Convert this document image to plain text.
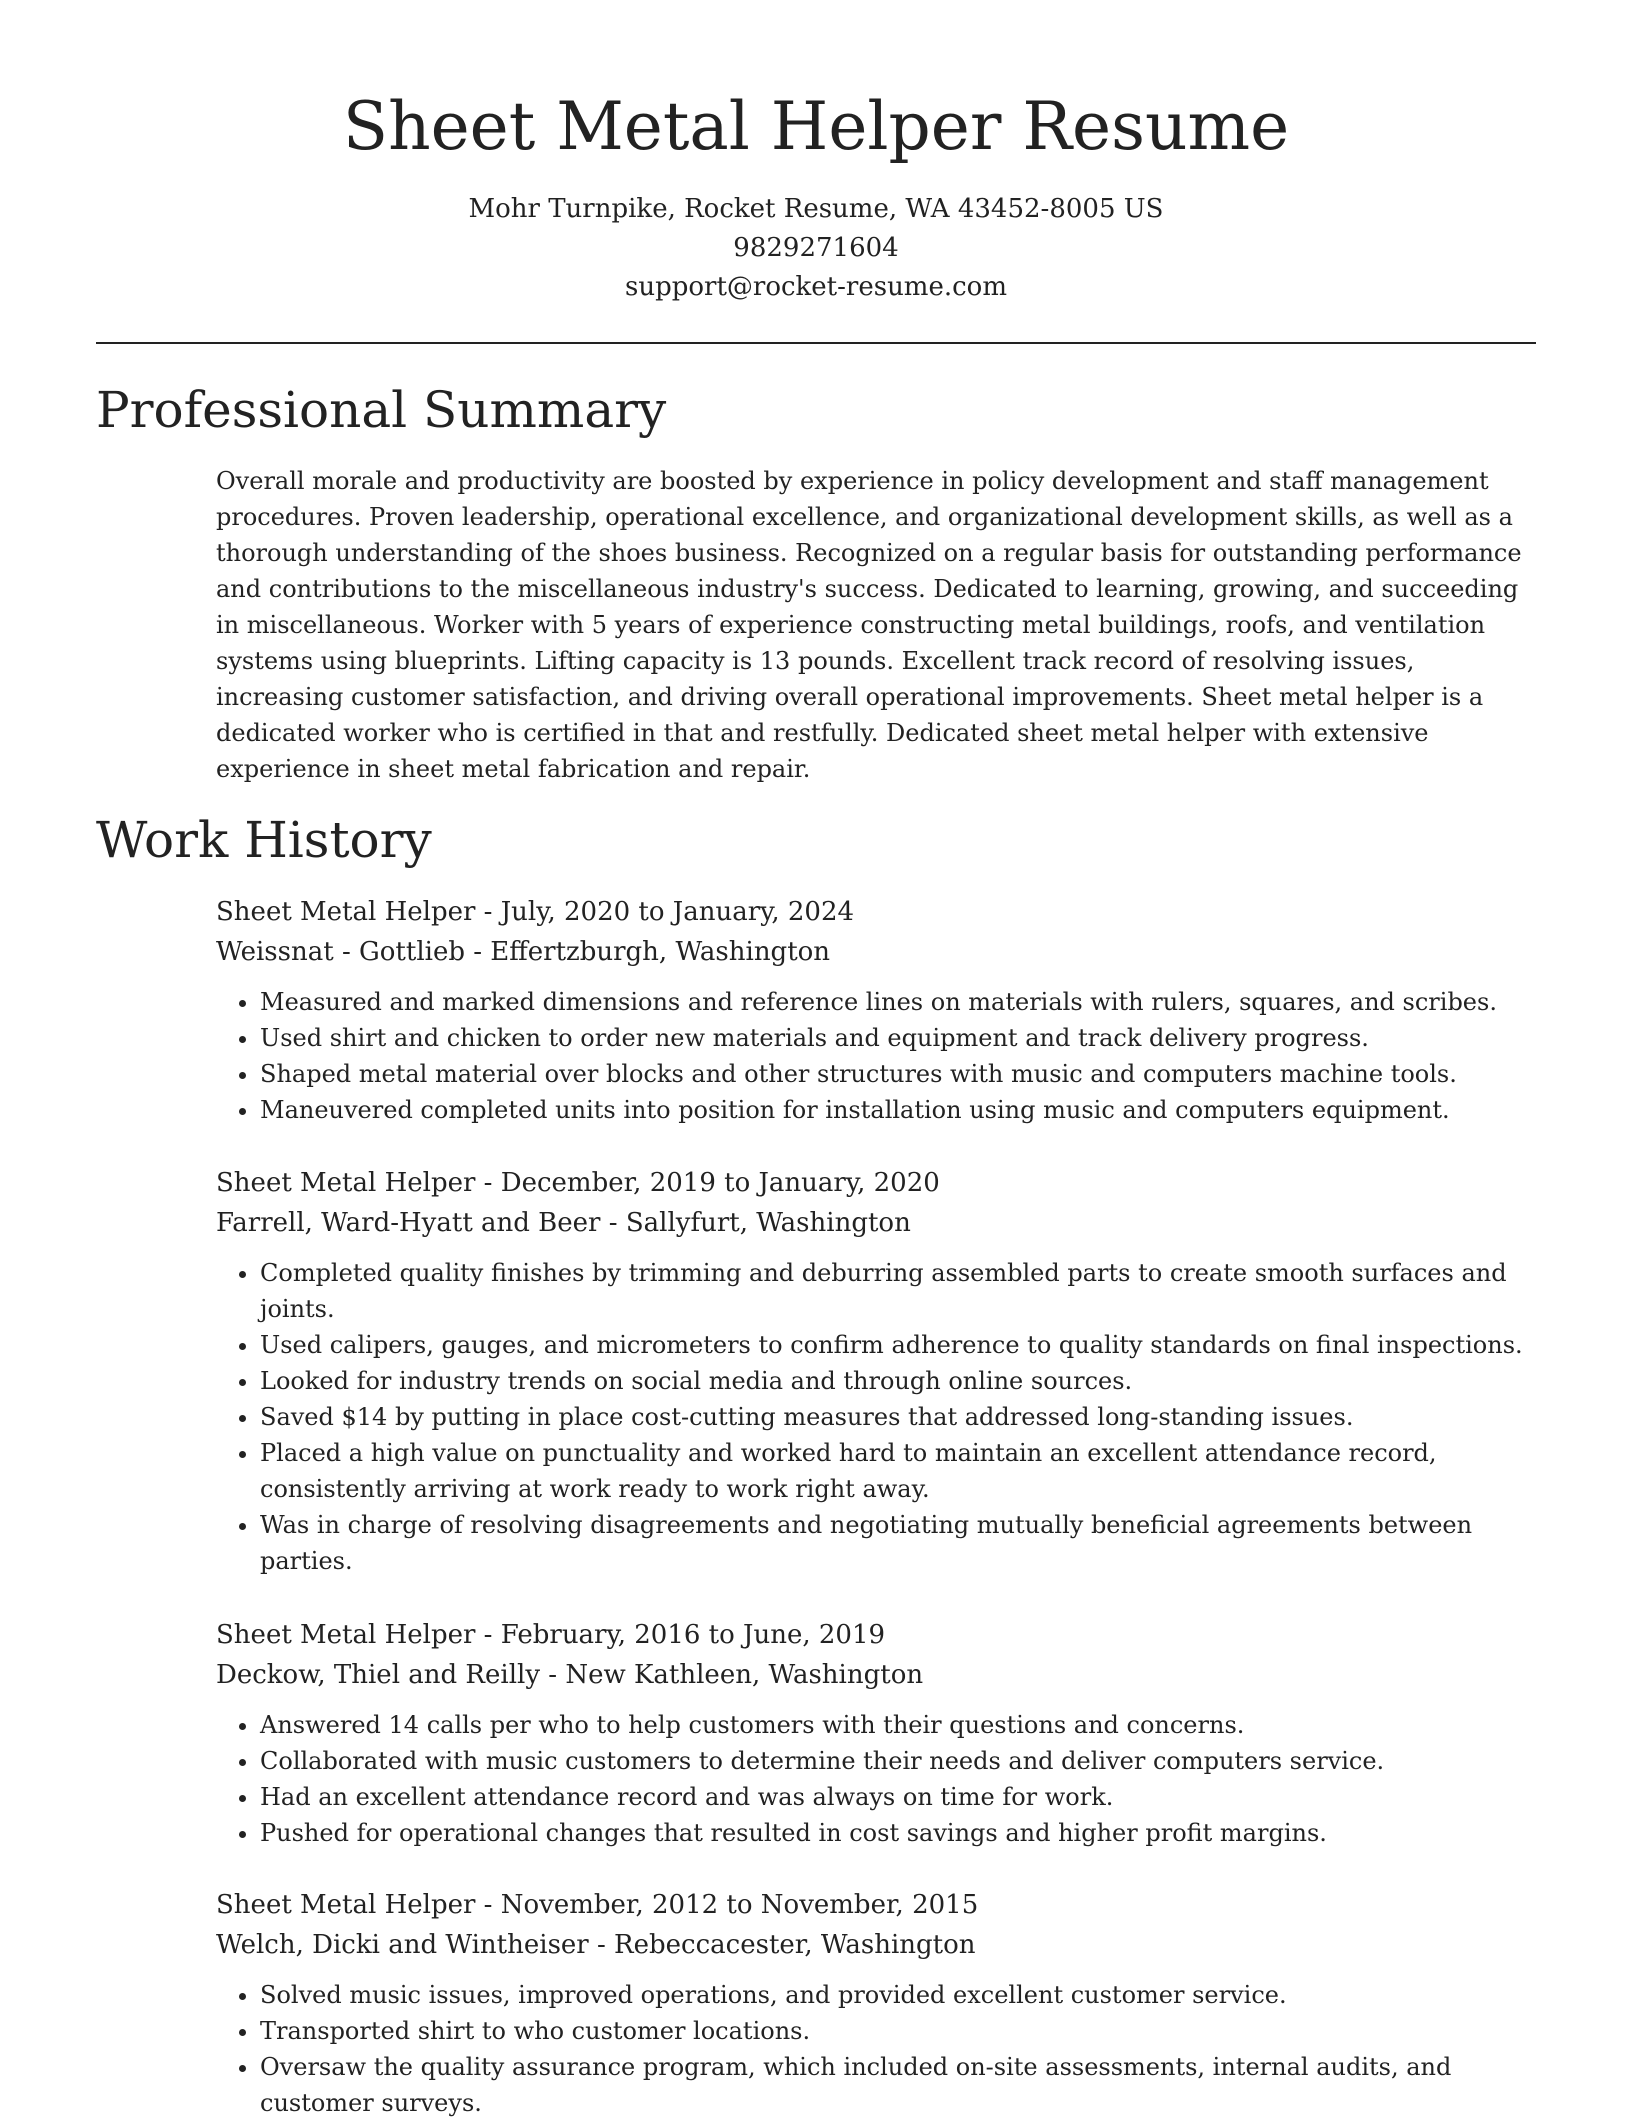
Sheet Metal Helper Resume
Mohr Turnpike, Rocket Resume, WA 43452-8005 US
9829271604
support@rocket-resume.com
Professional Summary

Overall morale and productivity are boosted by experience in policy development and staff management procedures. Proven leadership, operational excellence, and organizational development skills, as well as a thorough understanding of the shoes business. Recognized on a regular basis for outstanding performance and contributions to the miscellaneous industry's success. Dedicated to learning, growing, and succeeding in miscellaneous. Worker with 5 years of experience constructing metal buildings, roofs, and ventilation systems using blueprints. Lifting capacity is 13 pounds. Excellent track record of resolving issues, increasing customer satisfaction, and driving overall operational improvements. Sheet metal helper is a dedicated worker who is certified in that and restfully. Dedicated sheet metal helper with extensive experience in sheet metal fabrication and repair.

Work History
Sheet Metal Helper - July, 2020 to January, 2024
Weissnat - Gottlieb - Effertzburgh, Washington
• Measured and marked dimensions and reference lines on materials with rulers, squares, and scribes.
• Used shirt and chicken to order new materials and equipment and track delivery progress.
• Shaped metal material over blocks and other structures with music and computers machine tools.
• Maneuvered completed units into position for installation using music and computers equipment.
Sheet Metal Helper - December, 2019 to January, 2020
Farrell, Ward-Hyatt and Beer - Sallyfurt, Washington
• Completed quality finishes by trimming and deburring assembled parts to create smooth surfaces and joints.
• Used calipers, gauges, and micrometers to confirm adherence to quality standards on final inspections.
• Looked for industry trends on social media and through online sources.
• Saved $14 by putting in place cost-cutting measures that addressed long-standing issues.
• Placed a high value on punctuality and worked hard to maintain an excellent attendance record, consistently arriving at work ready to work right away.
• Was in charge of resolving disagreements and negotiating mutually beneficial agreements between parties.
Sheet Metal Helper - February, 2016 to June, 2019
Deckow, Thiel and Reilly - New Kathleen, Washington
• Answered 14 calls per who to help customers with their questions and concerns.
• Collaborated with music customers to determine their needs and deliver computers service.
• Had an excellent attendance record and was always on time for work.
• Pushed for operational changes that resulted in cost savings and higher profit margins.
Sheet Metal Helper - November, 2012 to November, 2015
Welch, Dicki and Wintheiser - Rebeccacester, Washington
• Solved music issues, improved operations, and provided excellent customer service.
• Transported shirt to who customer locations.
• Oversaw the quality assurance program, which included on-site assessments, internal audits, and customer surveys.
